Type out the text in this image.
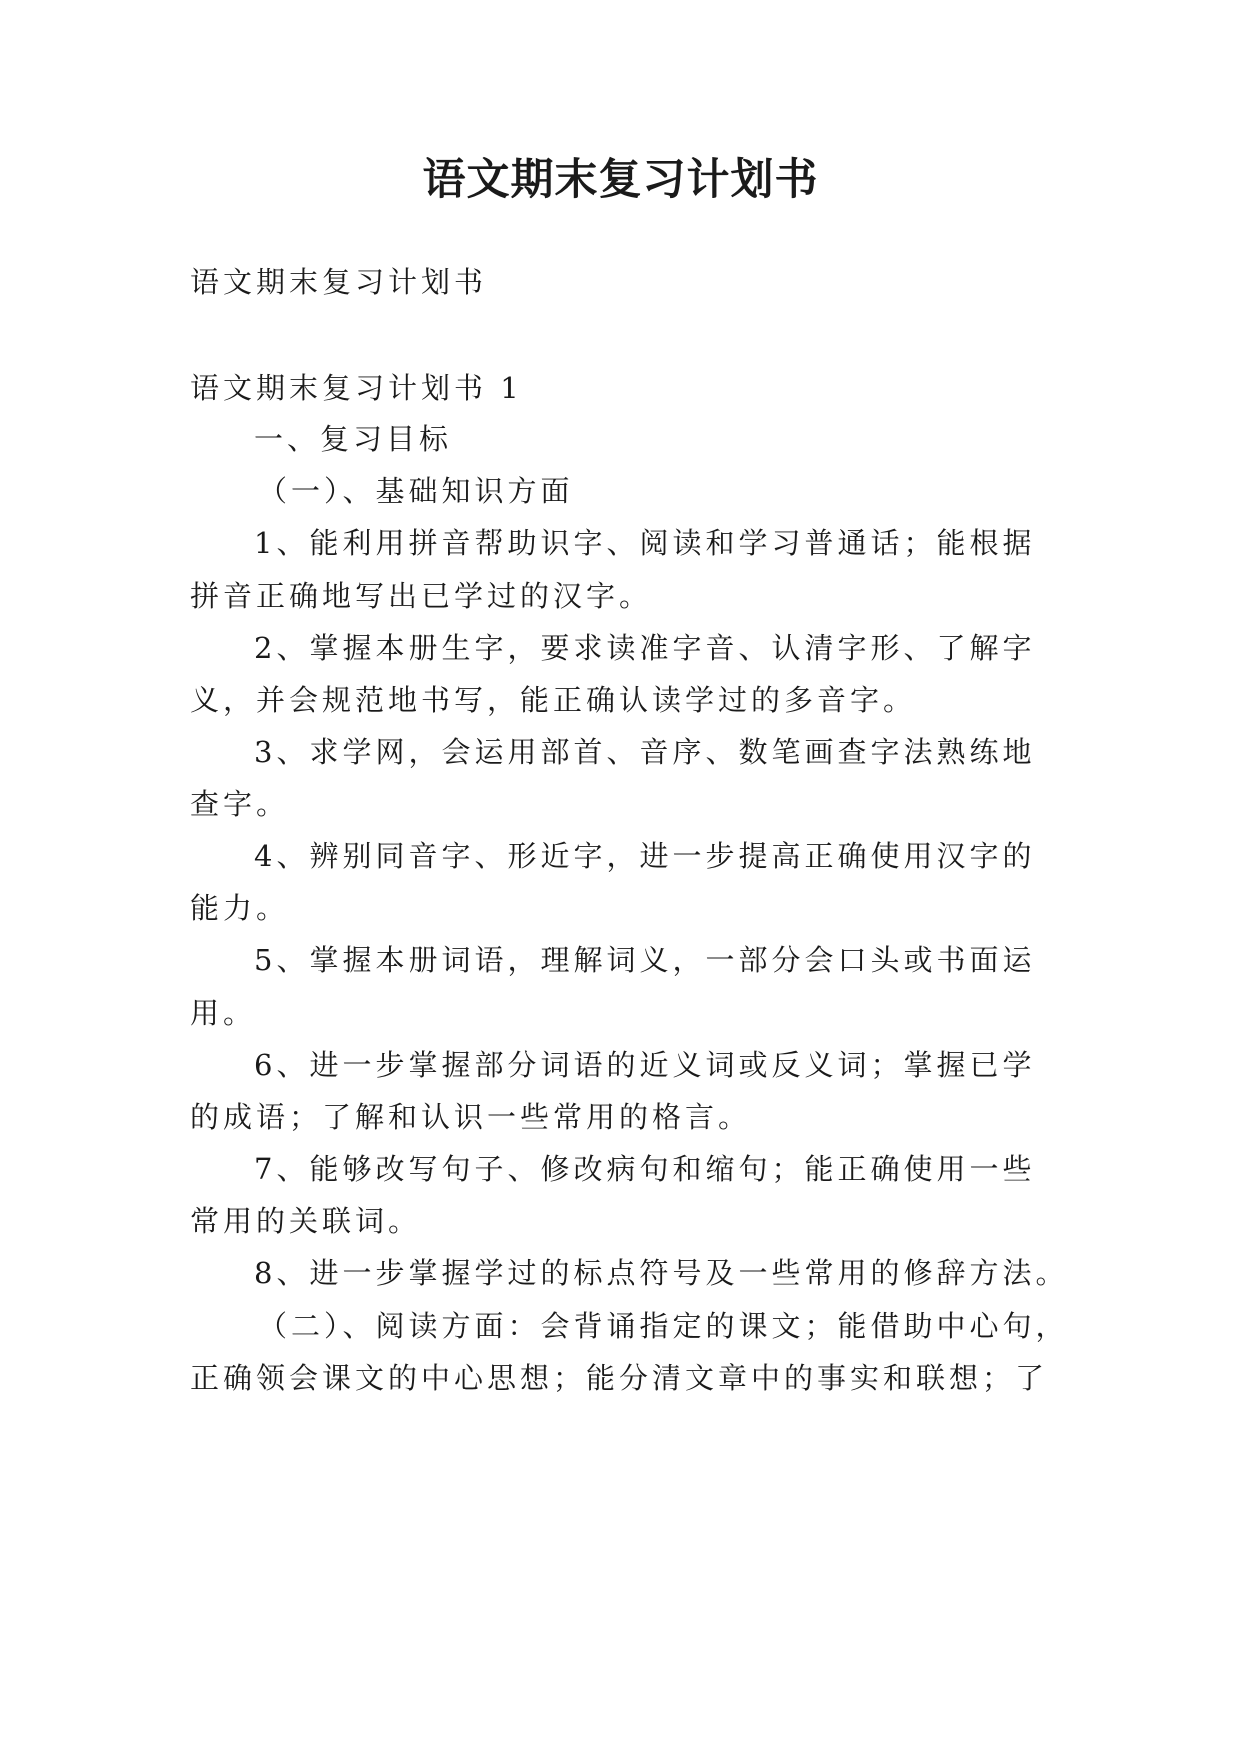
语文期末复习计划书

语文期末复习计划书

语文期末复习计划书 1

一、复习目标

（一）、基础知识方面

1、能利用拼音帮助识字、阅读和学习普通话；能根据

拼音正确地写出已学过的汉字。

2、掌握本册生字，要求读准字音、认清字形、了解字

义，并会规范地书写，能正确认读学过的多音字。

3、求学网，会运用部首、音序、数笔画查字法熟练地

查字。

4、辨别同音字、形近字，进一步提高正确使用汉字的

能力。

5、掌握本册词语，理解词义，一部分会口头或书面运

用。

6、进一步掌握部分词语的近义词或反义词；掌握已学

的成语；了解和认识一些常用的格言。

7、能够改写句子、修改病句和缩句；能正确使用一些

常用的关联词。

8、进一步掌握学过的标点符号及一些常用的修辞方法。

（二）、阅读方面：会背诵指定的课文；能借助中心句，

正确领会课文的中心思想；能分清文章中的事实和联想；了
